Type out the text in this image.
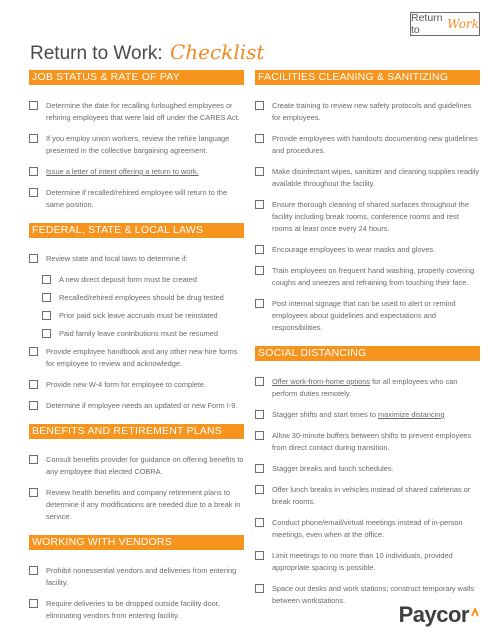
Return to	Work
Return to Work: Checklist
JOB STATUS & RATE OF PAY
Determine the date for recalling furloughed employees or rehiring employees that were laid off under the CARES Act.
If you employ union workers, review the rehire language presented in the collective bargaining agreement.
Issue a letter of intent offering a return to work.
Determine if recalled/rehired employee will return to the same position.
FEDERAL, STATE & LOCAL LAWS
Review state and local laws to determine if:
A new direct deposit form must be created
Recalled/rehired employees should be drug tested
Prior paid sick leave accruals must be reinstated
Paid family leave contributions must be resumed
Provide employee handbook and any other new hire forms for employee to review and acknowledge.
Provide new W-4 form for employee to complete.
Determine if employee needs an updated or new Form I-9.
BENEFITS AND RETIREMENT PLANS
Consult benefits provider for guidance on offering benefits to any employee that elected COBRA.
Review health benefits and company retirement plans to determine if any modifications are needed due to a break in service.
WORKING WITH VENDORS
Prohibit nonessential vendors and deliveries from entering facility.
Require deliveries to be dropped outside facility door, eliminating vendors from entering facility.
FACILITIES CLEANING & SANITIZING
Create training to review new safety protocols and guidelines for employees.
Provide employees with handouts documenting new guidelines and procedures.
Make disinfectant wipes, sanitizer and cleaning supplies readily available throughout the facility.
Ensure thorough cleaning of shared surfaces throughout the facility including break rooms, conference rooms and rest rooms at least once every 24 hours.
Encourage employees to wear masks and gloves.
Train employees on frequent hand washing, properly covering coughs and sneezes and refraining from touching their face.
Post internal signage that can be used to alert or remind employees about guidelines and expectations and responsibilities.
SOCIAL DISTANCING
Offer work-from-home options for all employees who can perform duties remotely.
Stagger shifts and start times to maximize distancing
Allow 30-minute buffers between shifts to prevent employees from direct contact during transition.
Stagger breaks and lunch schedules.
Offer lunch breaks in vehicles instead of shared cafeterias or break rooms.
Conduct phone/email/virtual meetings instead of in-person meetings, even when at the office.
Limit meetings to no more than 10 individuals, provided appropriate spacing is possible.
Space out desks and work stations; construct temporary walls between workstations.
Paycor
